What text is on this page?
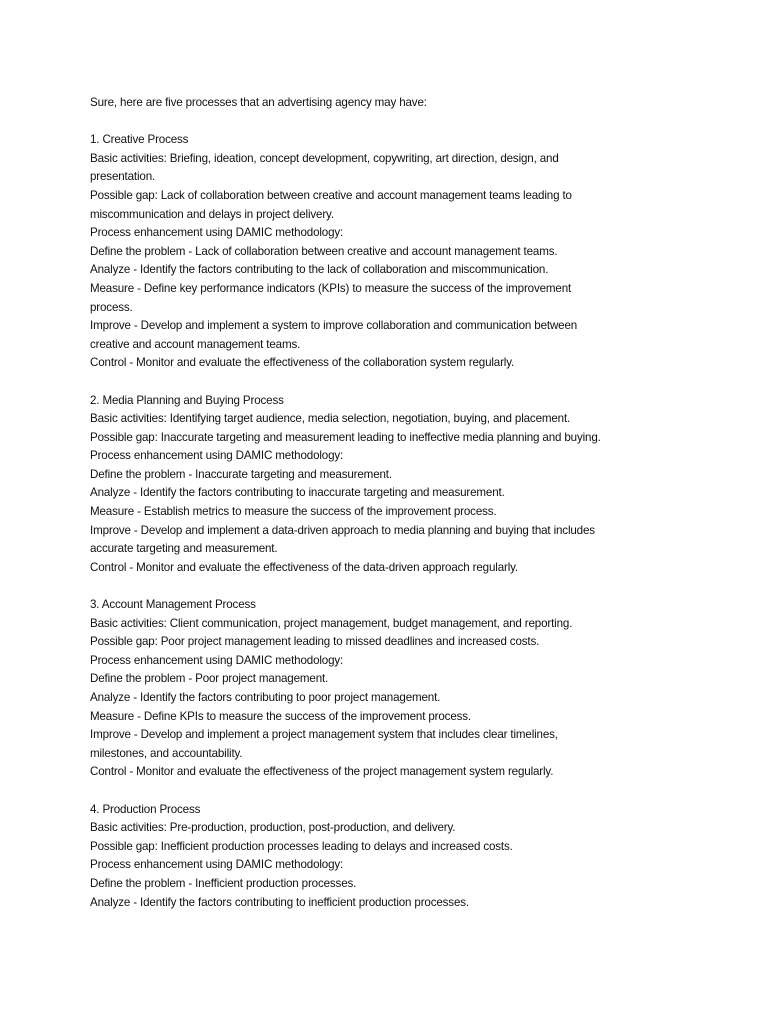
Sure, here are five processes that an advertising agency may have:
1. Creative Process
Basic activities: Briefing, ideation, concept development, copywriting, art direction, design, and
presentation.
Possible gap: Lack of collaboration between creative and account management teams leading to
miscommunication and delays in project delivery.
Process enhancement using DAMIC methodology:
Define the problem - Lack of collaboration between creative and account management teams.
Analyze - Identify the factors contributing to the lack of collaboration and miscommunication.
Measure - Define key performance indicators (KPIs) to measure the success of the improvement
process.
Improve - Develop and implement a system to improve collaboration and communication between
creative and account management teams.
Control - Monitor and evaluate the effectiveness of the collaboration system regularly.
2. Media Planning and Buying Process
Basic activities: Identifying target audience, media selection, negotiation, buying, and placement.
Possible gap: Inaccurate targeting and measurement leading to ineffective media planning and buying.
Process enhancement using DAMIC methodology:
Define the problem - Inaccurate targeting and measurement.
Analyze - Identify the factors contributing to inaccurate targeting and measurement.
Measure - Establish metrics to measure the success of the improvement process.
Improve - Develop and implement a data-driven approach to media planning and buying that includes
accurate targeting and measurement.
Control - Monitor and evaluate the effectiveness of the data-driven approach regularly.
3. Account Management Process
Basic activities: Client communication, project management, budget management, and reporting.
Possible gap: Poor project management leading to missed deadlines and increased costs.
Process enhancement using DAMIC methodology:
Define the problem - Poor project management.
Analyze - Identify the factors contributing to poor project management.
Measure - Define KPIs to measure the success of the improvement process.
Improve - Develop and implement a project management system that includes clear timelines,
milestones, and accountability.
Control - Monitor and evaluate the effectiveness of the project management system regularly.
4. Production Process
Basic activities: Pre-production, production, post-production, and delivery.
Possible gap: Inefficient production processes leading to delays and increased costs.
Process enhancement using DAMIC methodology:
Define the problem - Inefficient production processes.
Analyze - Identify the factors contributing to inefficient production processes.
